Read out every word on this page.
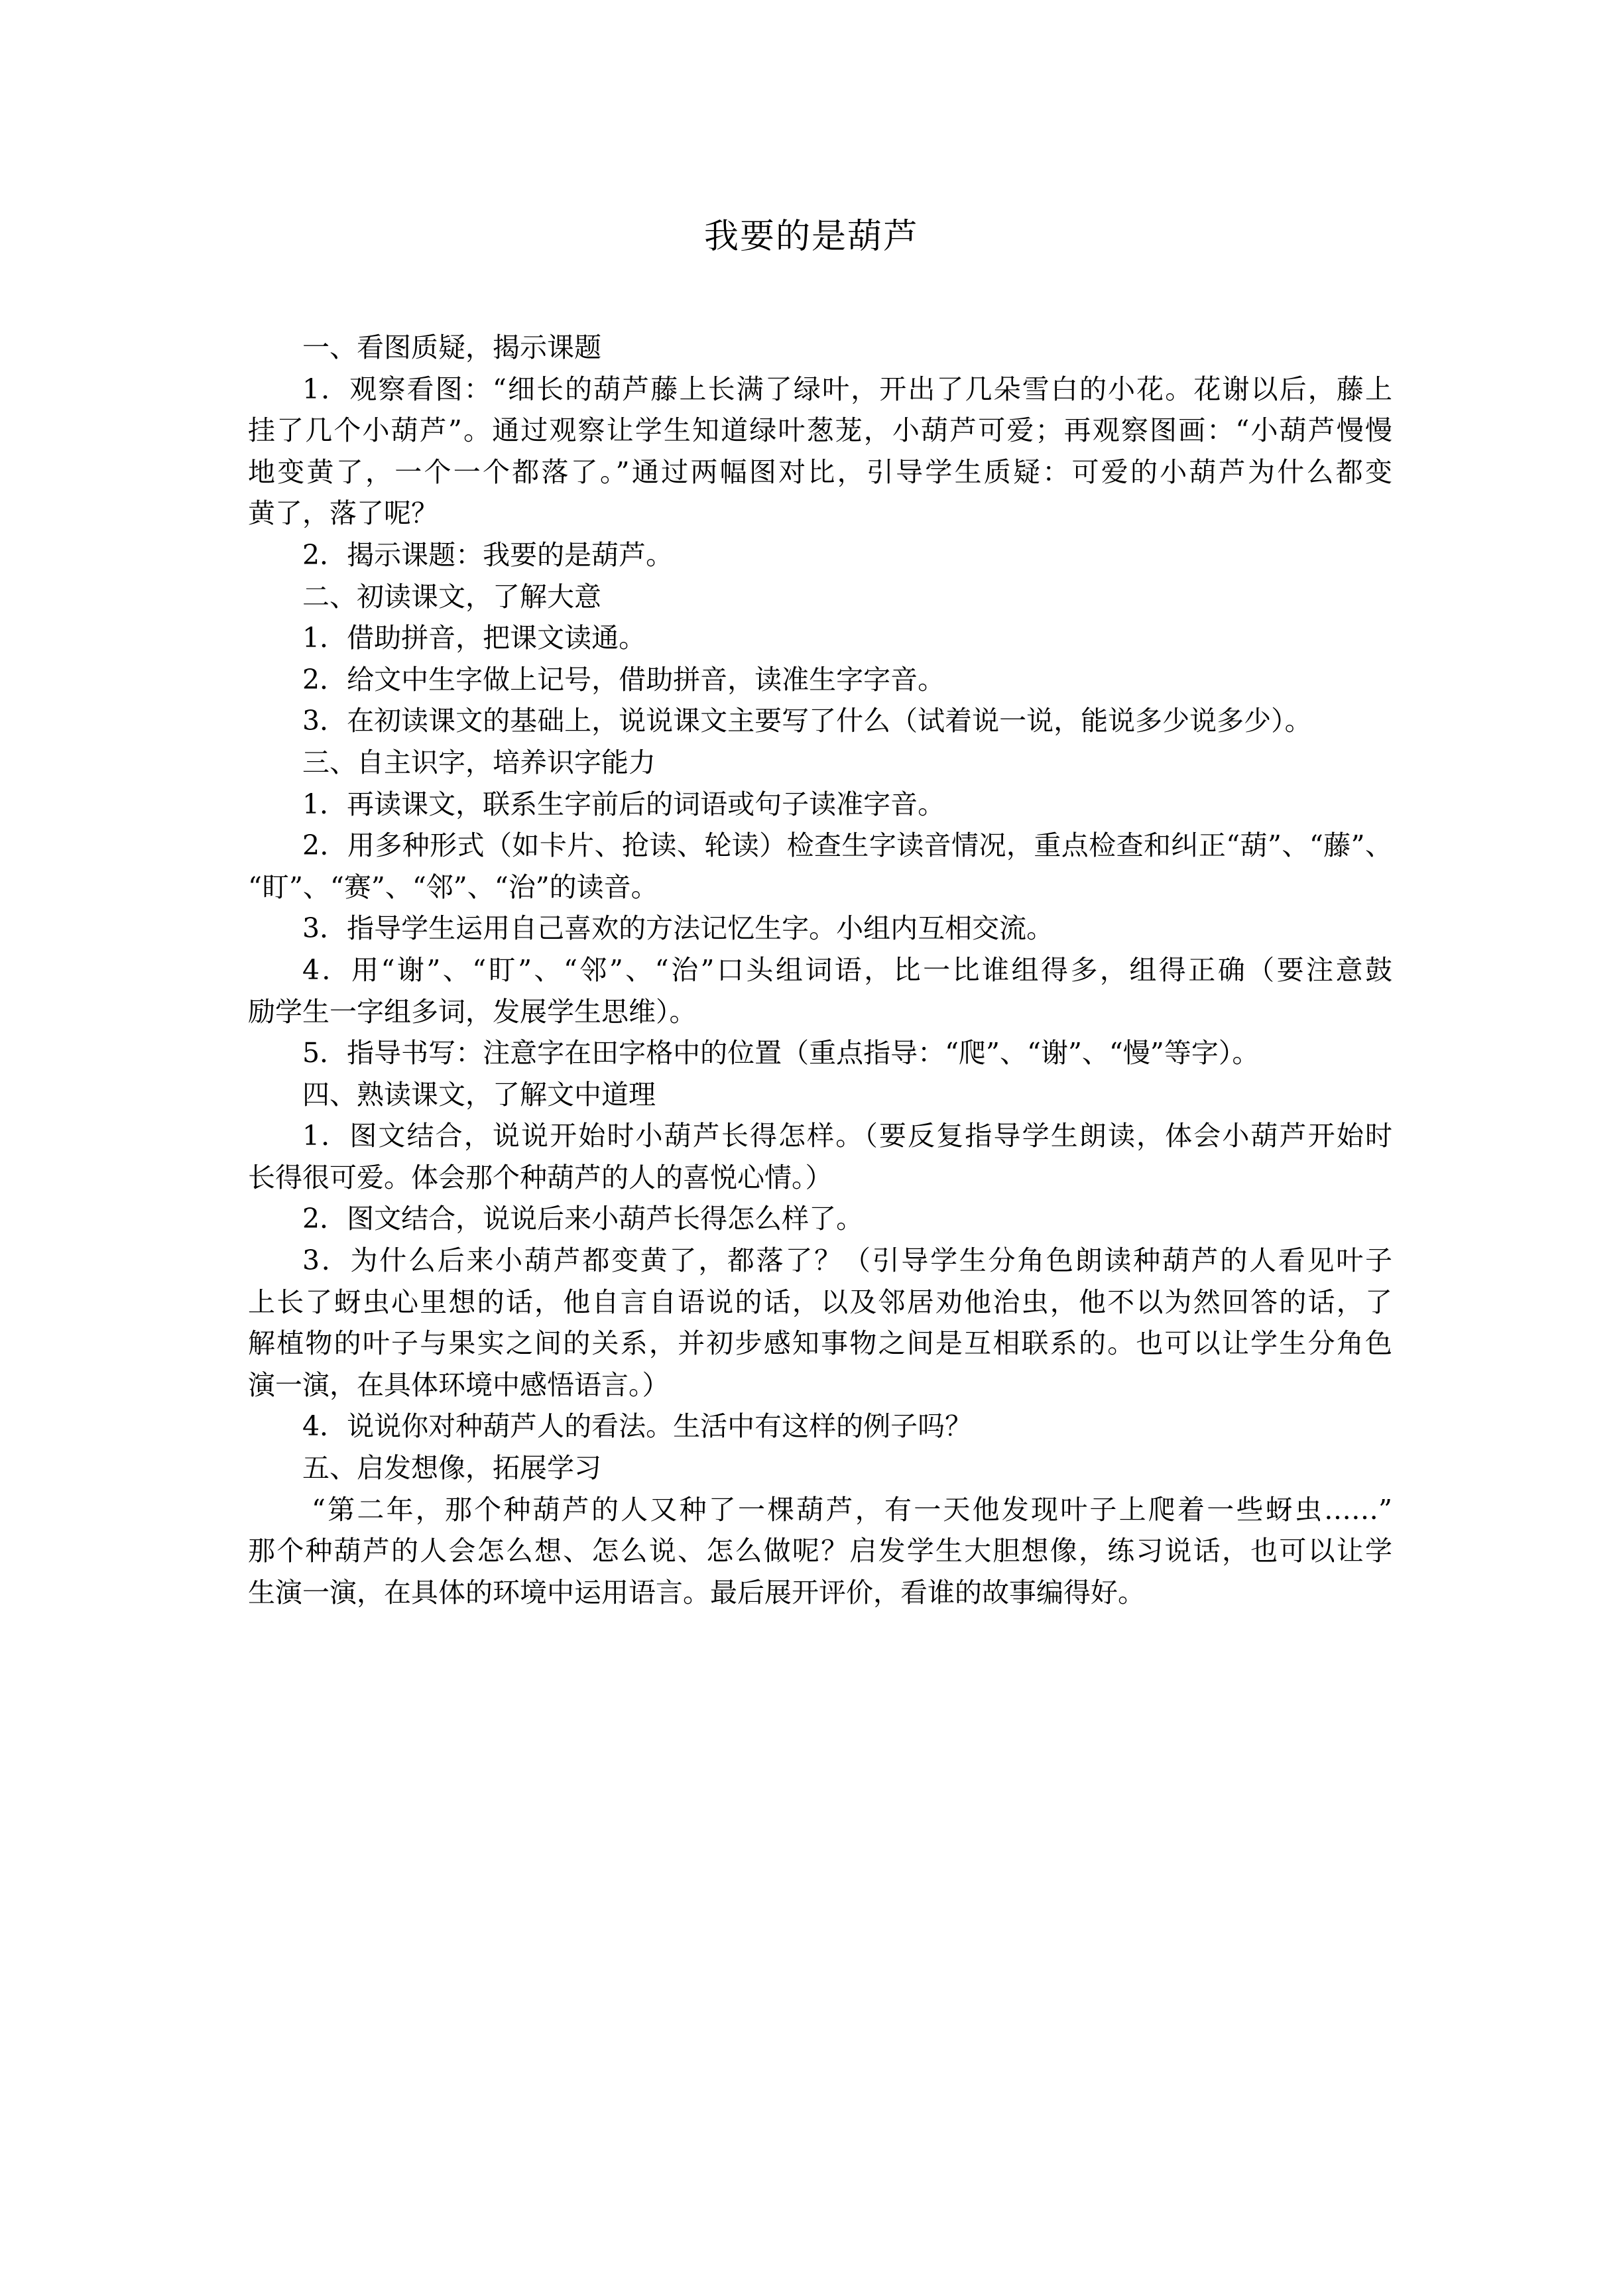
我要的是葫芦

一、看图质疑，揭示课题

1．观察看图：“细长的葫芦藤上长满了绿叶，开出了几朵雪白的小花。花谢以后，藤上
挂了几个小葫芦”。通过观察让学生知道绿叶葱茏，小葫芦可爱；再观察图画：“小葫芦慢慢
地变黄了，一个一个都落了。”通过两幅图对比，引导学生质疑：可爱的小葫芦为什么都变
黄了，落了呢？

2．揭示课题：我要的是葫芦。

二、初读课文，了解大意

1．借助拼音，把课文读通。

2．给文中生字做上记号，借助拼音，读准生字字音。

3．在初读课文的基础上，说说课文主要写了什么（试着说一说，能说多少说多少）。

三、自主识字，培养识字能力

1．再读课文，联系生字前后的词语或句子读准字音。

2．用多种形式（如卡片、抢读、轮读）检查生字读音情况，重点检查和纠正“葫”、“藤”、
“盯”、“赛”、“邻”、“治”的读音。

3．指导学生运用自己喜欢的方法记忆生字。小组内互相交流。

4．用“谢”、“盯”、“邻”、“治”口头组词语，比一比谁组得多，组得正确（要注意鼓
励学生一字组多词，发展学生思维）。

5．指导书写：注意字在田字格中的位置（重点指导：“爬”、“谢”、“慢”等字）。

四、熟读课文，了解文中道理

1．图文结合，说说开始时小葫芦长得怎样。（要反复指导学生朗读，体会小葫芦开始时
长得很可爱。体会那个种葫芦的人的喜悦心情。）

2．图文结合，说说后来小葫芦长得怎么样了。

3．为什么后来小葫芦都变黄了，都落了？（引导学生分角色朗读种葫芦的人看见叶子
上长了蚜虫心里想的话，他自言自语说的话，以及邻居劝他治虫，他不以为然回答的话，了
解植物的叶子与果实之间的关系，并初步感知事物之间是互相联系的。也可以让学生分角色
演一演，在具体环境中感悟语言。）

4．说说你对种葫芦人的看法。生活中有这样的例子吗？

五、启发想像，拓展学习

“第二年，那个种葫芦的人又种了一棵葫芦，有一天他发现叶子上爬着一些蚜虫……”
那个种葫芦的人会怎么想、怎么说、怎么做呢？启发学生大胆想像，练习说话，也可以让学
生演一演，在具体的环境中运用语言。最后展开评价，看谁的故事编得好。
